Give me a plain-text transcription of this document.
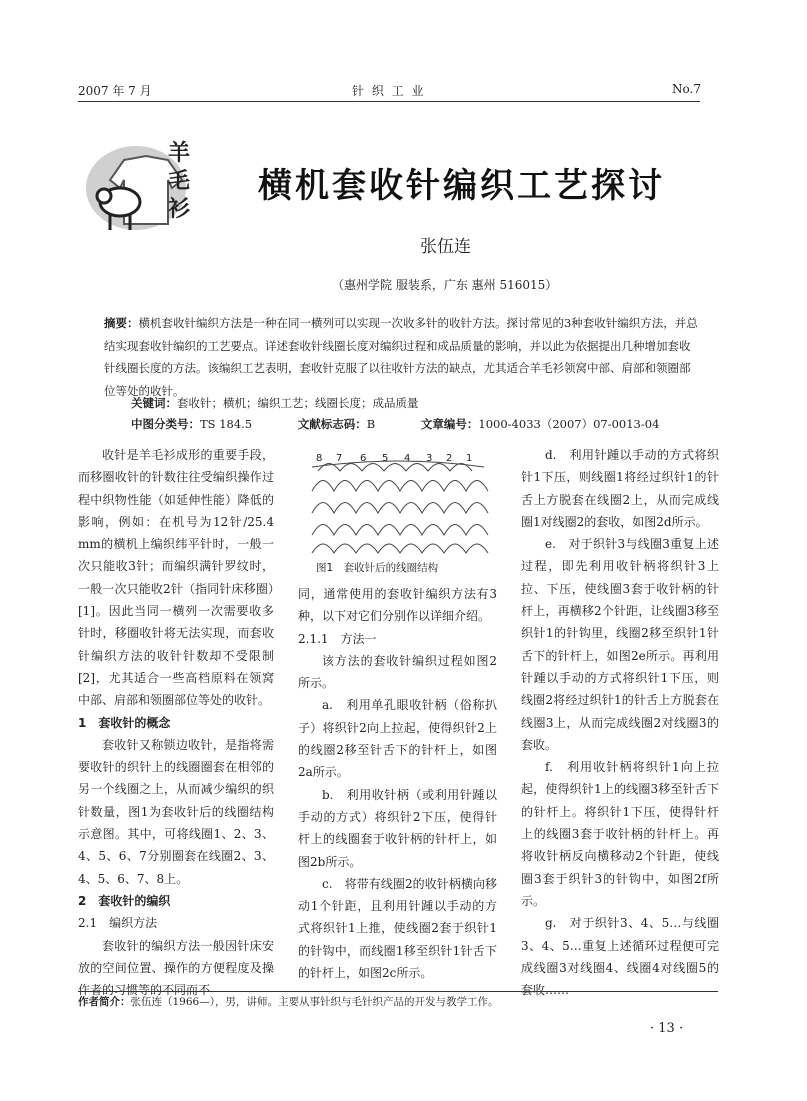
2007 年 7 月	针 织 工 业	No.7
羊
毛
衫
横机套收针编织工艺探讨
张伍连
（惠州学院 服装系，广东 惠州 516015）
摘要：横机套收针编织方法是一种在同一横列可以实现一次收多针的收针方法。探讨常见的3种套收针编织方法，并总结实现套收针编织的工艺要点。详述套收针线圈长度对编织过程和成品质量的影响，并以此为依据提出几种增加套收针线圈长度的方法。该编织工艺表明，套收针克服了以往收针方法的缺点，尤其适合羊毛衫领窝中部、肩部和领圈部位等处的收针。
关键词：套收针；横机；编织工艺；线圈长度；成品质量
中图分类号：TS 184.5	文献标志码：B	文章编号：1000-4033（2007）07-0013-04

收针是羊毛衫成形的重要手段，而移圈收针的针数往往受编织操作过程中织物性能（如延伸性能）降低的影响，例如：在机号为12针/25.4 mm的横机上编织纬平针时，一般一次只能收3针；而编织满针罗纹时，一般一次只能收2针（指同针床移圈）[1]。因此当同一横列一次需要收多针时，移圈收针将无法实现，而套收针编织方法的收针针数却不受限制[2]，尤其适合一些高档原料在领窝中部、肩部和领圈部位等处的收针。

1　套收针的概念

套收针又称锁边收针，是指将需要收针的织针上的线圈圈套在相邻的另一个线圈之上，从而减少编织的织针数量，图1为套收针后的线圈结构示意图。其中，可将线圈1、2、3、4、5、6、7分别圈套在线圈2、3、4、5、6、7、8上。

2　套收针的编织

2.1　编织方法

套收针的编织方法一般因针床安放的空间位置、操作的方便程度及操

8 7 6 5 4 3 2 1
图1　套收针后的线圈结构

同，通常使用的套收针编织方法有3种，以下对它们分别作以详细介绍。

2.1.1　方法一

该方法的套收针编织过程如图2所示。

a.　利用单孔眼收针柄（俗称扒子）将织针2向上拉起，使得织针2上的线圈2移至针舌下的针杆上，如图2a所示。

b.　利用收针柄（或利用针踵以手动的方式）将织针2下压，使得针杆上的线圈套于收针柄的针杆上，如图2b所示。

c.　将带有线圈2的收针柄横向移动1个针距，且利用针踵以手动的方式将织针1上推，使线圈2套于织针1的针钩中，而线圈1移至织针1针舌下的针杆上，如图2c所示。

d.　利用针踵以手动的方式将织针1下压，则线圈1将经过织针1的针舌上方脱套在线圈2上，从而完成线圈1对线圈2的套收，如图2d所示。

e.　对于织针3与线圈3重复上述过程，即先利用收针柄将织针3上拉、下压，使线圈3套于收针柄的针杆上，再横移2个针距，让线圈3移至织针1的针钩里，线圈2移至织针1针舌下的针杆上，如图2e所示。再利用针踵以手动的方式将织针1下压，则线圈2将经过织针1的针舌上方脱套在线圈3上，从而完成线圈2对线圈3的套收。

f.　利用收针柄将织针1向上拉起，使得织针1上的线圈3移至针舌下的针杆上。将织针1下压，使得针杆上的线圈3套于收针柄的针杆上。再将收针柄反向横移动2个针距，使线圈3套于织针3的针钩中，如图2f所示。

g.　对于织针3、4、5…与线圈3、4、5…重复上述循环过程便可完成线圈3对线圈4、线圈4对线圈5的

作者简介：张伍连（1966—），男，讲师。主要从事针织与毛针织产品的开发与教学工作。
· 13 ·
